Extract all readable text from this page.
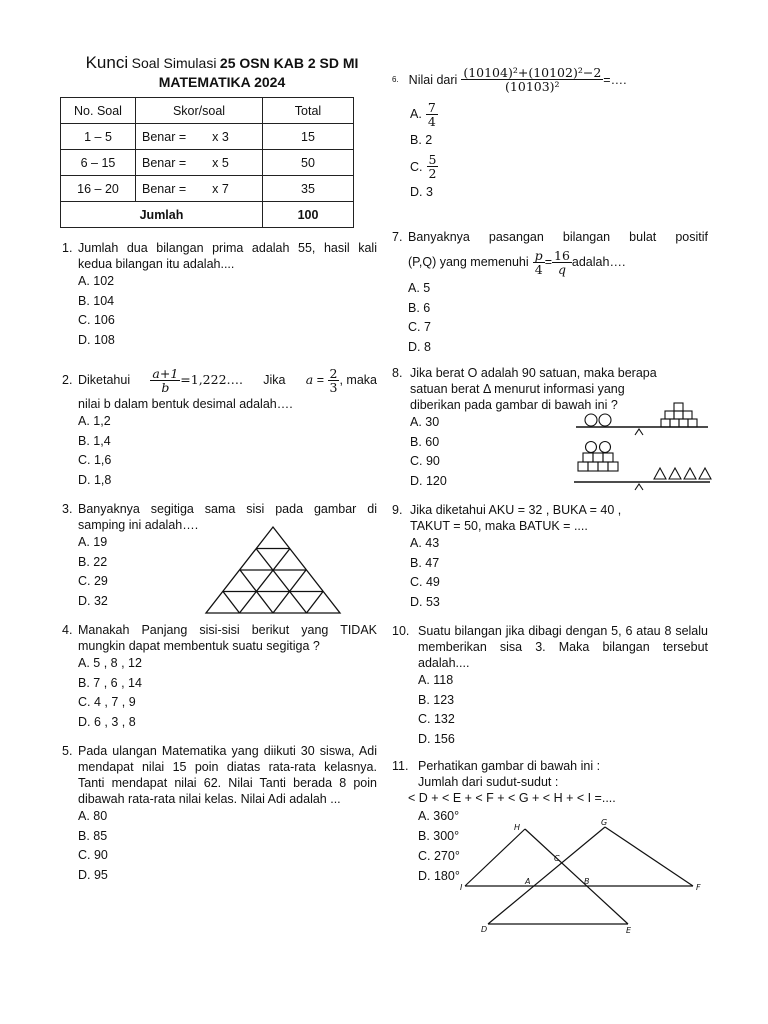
Kunci Soal Simulasi 25 OSN KAB 2 SD MI
MATEMATIKA 2024
No. Soal	Skor/soal	Total
1 – 5	Benar = x 3	15
6 – 15	Benar = x 5	50
16 – 20	Benar = x 7	35
Jumlah		100
1. Jumlah dua bilangan prima adalah 55, hasil kali kedua bilangan itu adalah....
A. 102
B. 104
C. 106
D. 108
2. Diketahui $\frac{a+1}{b}$ =1,222…. Jika $a = \frac{2}{3}$ , maka
nilai b dalam bentuk desimal adalah….
A. 1,2
B. 1,4
C. 1,6
D. 1,8
3. Banyaknya segitiga sama sisi pada gambar di samping ini adalah….
A. 19
B. 22
C. 29
D. 32
4. Manakah Panjang sisi-sisi berikut yang TIDAK mungkin dapat membentuk suatu segitiga ?
A. 5 , 8 , 12
B. 7 , 6 , 14
C. 4 , 7 , 9
D. 6 , 3 , 8
5. Pada ulangan Matematika yang diikuti 30 siswa, Adi mendapat nilai 15 poin diatas rata-rata kelasnya. Tanti mendapat nilai 62. Nilai Tanti berada 8 poin dibawah rata-rata nilai kelas. Nilai Adi adalah ...
A. 80
B. 85
C. 90
D. 95
6. Nilai dari $\frac{\text{(10104)²+(10102)²−2}}{\text{(10103)²}}$ =….
A. $\frac{7}{4}$
B. 2
C. $\frac{5}{2}$
D. 3
7. Banyaknya pasangan bilangan bulat positif
(P,Q) yang memenuhi $\frac{p}{4} = \frac{16}{q}$ adalah….
A. 5
B. 6
C. 7
D. 8
8. Jika berat O adalah 90 satuan, maka berapa satuan berat Δ menurut informasi yang diberikan pada gambar di bawah ini ?
A. 30
B. 60
C. 90
D. 120
9. Jika diketahui AKU = 32 , BUKA = 40 ,
TAKUT = 50, maka BATUK = ....
A. 43
B. 47
C. 49
D. 53
10. Suatu bilangan jika dibagi dengan 5, 6 atau 8 selalu memberikan sisa 3. Maka bilangan tersebut adalah....
A. 118
B. 123
C. 132
D. 156
11. Perhatikan gambar di bawah ini :
Jumlah dari sudut-sudut :
< D + < E + < F + < G + < H + < I =....
A. 360°
B. 300°
C. 270°
D. 180°
H
G
C
A	B
I	F
D	E
